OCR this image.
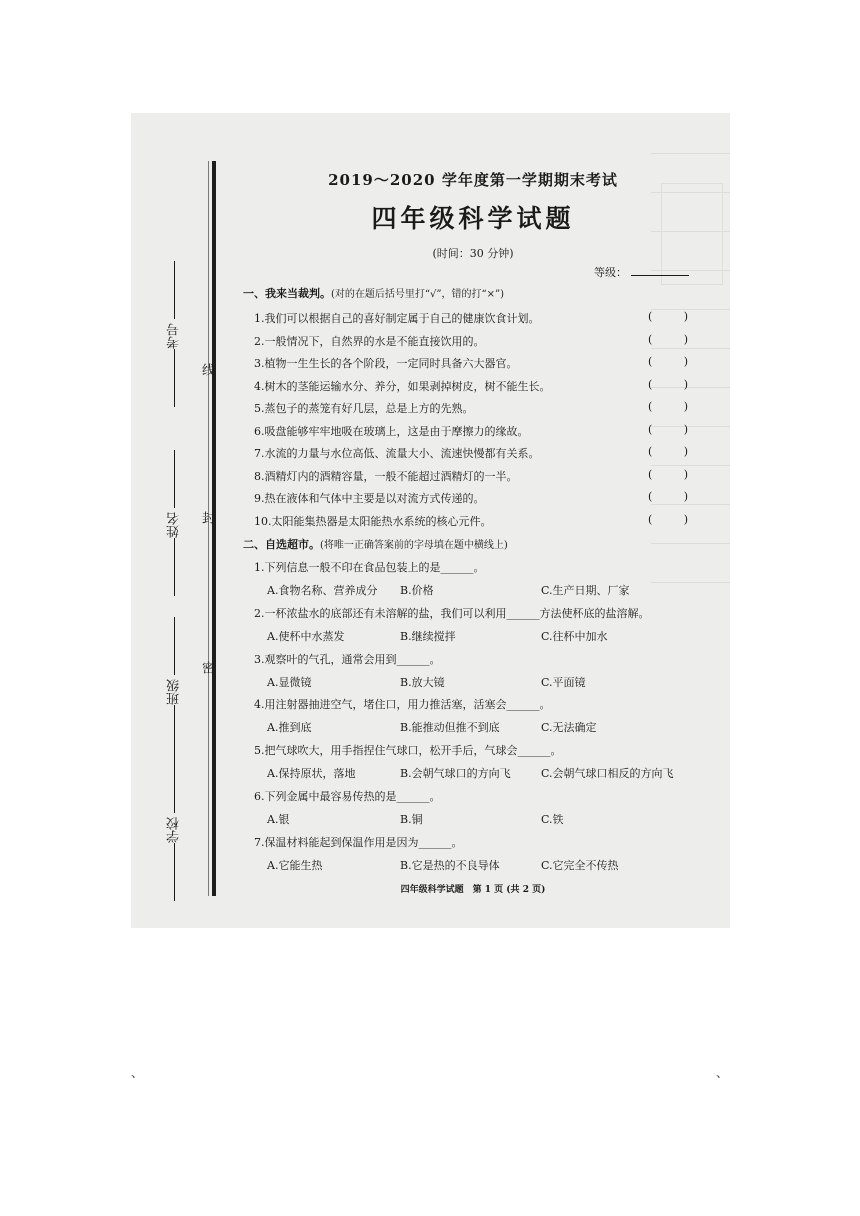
考号
姓名
班级
学校
线
封
密
2019～2020 学年度第一学期期末考试
四年级科学试题
(时间：30 分钟)
等级：
一、我来当裁判。(对的在题后括号里打“√”，错的打“×”)
1.我们可以根据自己的喜好制定属于自己的健康饮食计划。	(	)
2.一般情况下，自然界的水是不能直接饮用的。	(	)
3.植物一生生长的各个阶段，一定同时具备六大器官。	(	)
4.树木的茎能运输水分、养分，如果剥掉树皮，树不能生长。	(	)
5.蒸包子的蒸笼有好几层，总是上方的先熟。	(	)
6.吸盘能够牢牢地吸在玻璃上，这是由于摩擦力的缘故。	(	)
7.水流的力量与水位高低、流量大小、流速快慢都有关系。	(	)
8.酒精灯内的酒精容量，一般不能超过酒精灯的一半。	(	)
9.热在液体和气体中主要是以对流方式传递的。	(	)
10.太阳能集热器是太阳能热水系统的核心元件。	(	)
二、自选超市。(将唯一正确答案前的字母填在题中横线上)
1.下列信息一般不印在食品包装上的是______。
A.食物名称、营养成分 B.价格	C.生产日期、厂家
2.一杯浓盐水的底部还有未溶解的盐，我们可以利用______方法使杯底的盐溶解。
A.使杯中水蒸发	B.继续搅拌	C.往杯中加水
3.观察叶的气孔，通常会用到______。
A.显微镜	B.放大镜	C.平面镜
4.用注射器抽进空气，堵住口，用力推活塞，活塞会______。
A.推到底	B.能推动但推不到底	C.无法确定
5.把气球吹大，用手指捏住气球口，松开手后，气球会______。
A.保持原状，落地	B.会朝气球口的方向飞	C.会朝气球口相反的方向飞
6.下列金属中最容易传热的是______。
A.银	B.铜	C.铁
7.保温材料能起到保温作用是因为______。
A.它能生热	B.它是热的不良导体	C.它完全不传热
四年级科学试题　第 1 页 (共 2 页)
、	、
